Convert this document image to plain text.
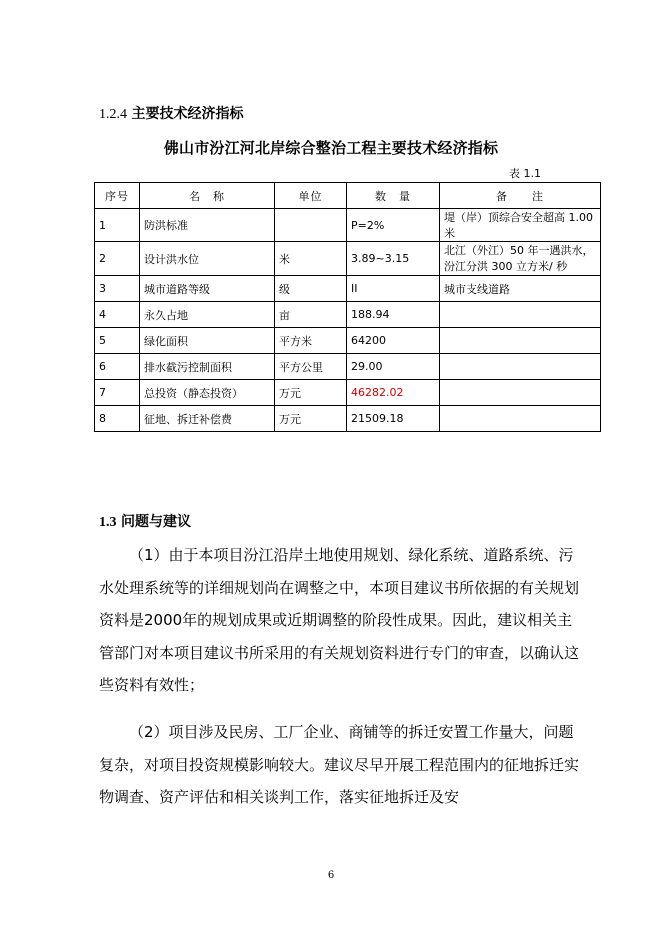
1.2.4 主要技术经济指标
佛山市汾江河北岸综合整治工程主要技术经济指标
表 1.1
序号	名　称	单位	数　量	备　　注
1	防洪标准		P=2%	堤（岸）顶综合安全超高 1.00 米
2	设计洪水位	米	3.89~3.15	北江（外江）50 年一遇洪水，汾江分洪 300 立方米/ 秒
3	城市道路等级	级	II	城市支线道路
4	永久占地	亩	188.94	
5	绿化面积	平方米	64200	
6	排水截污控制面积	平方公里	29.00	
7	总投资（静态投资）	万元	46282.02	
8	征地、拆迁补偿费	万元	21509.18	
1.3 问题与建议
（1）由于本项目汾江沿岸土地使用规划、绿化系统、道路系统、污水处理系统等的详细规划尚在调整之中，本项目建议书所依据的有关规划资料是2000年的规划成果或近期调整的阶段性成果。因此，建议相关主管部门对本项目建议书所采用的有关规划资料进行专门的审查，以确认这些资料有效性；
（2）项目涉及民房、工厂企业、商铺等的拆迁安置工作量大，问题复杂，对项目投资规模影响较大。建议尽早开展工程范围内的征地拆迁实物调查、资产评估和相关谈判工作，落实征地拆迁及安
6
